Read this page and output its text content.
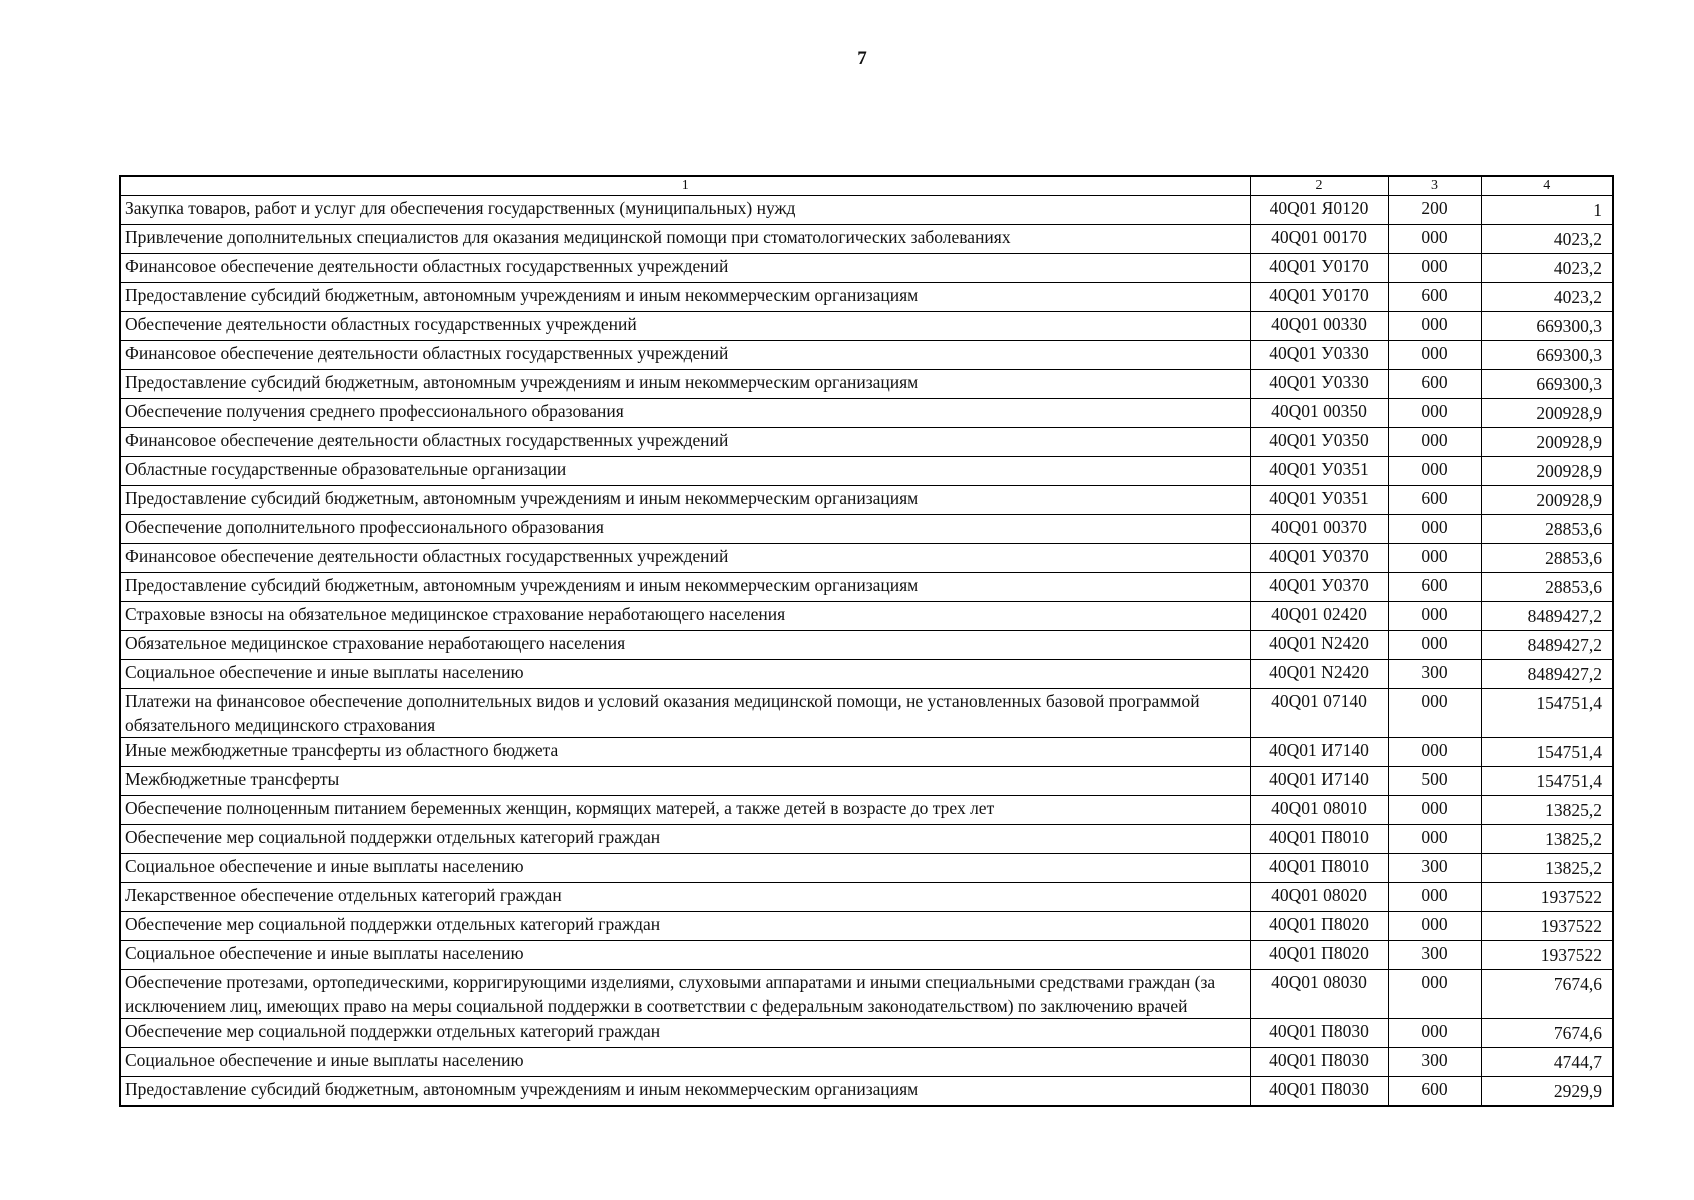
7
1	2	3	4
Закупка товаров, работ и услуг для обеспечения государственных (муниципальных) нужд	40Q01 Я0120	200	1
Привлечение дополнительных специалистов для оказания медицинской помощи при стоматологических заболеваниях	40Q01 00170	000	4023,2
Финансовое обеспечение деятельности областных государственных учреждений	40Q01 У0170	000	4023,2
Предоставление субсидий бюджетным, автономным учреждениям и иным некоммерческим организациям	40Q01 У0170	600	4023,2
Обеспечение деятельности областных государственных учреждений	40Q01 00330	000	669300,3
Финансовое обеспечение деятельности областных государственных учреждений	40Q01 У0330	000	669300,3
Предоставление субсидий бюджетным, автономным учреждениям и иным некоммерческим организациям	40Q01 У0330	600	669300,3
Обеспечение получения среднего профессионального образования	40Q01 00350	000	200928,9
Финансовое обеспечение деятельности областных государственных учреждений	40Q01 У0350	000	200928,9
Областные государственные образовательные организации	40Q01 У0351	000	200928,9
Предоставление субсидий бюджетным, автономным учреждениям и иным некоммерческим организациям	40Q01 У0351	600	200928,9
Обеспечение дополнительного профессионального образования	40Q01 00370	000	28853,6
Финансовое обеспечение деятельности областных государственных учреждений	40Q01 У0370	000	28853,6
Предоставление субсидий бюджетным, автономным учреждениям и иным некоммерческим организациям	40Q01 У0370	600	28853,6
Страховые взносы на обязательное медицинское страхование неработающего населения	40Q01 02420	000	8489427,2
Обязательное медицинское страхование неработающего населения	40Q01 N2420	000	8489427,2
Социальное обеспечение и иные выплаты населению	40Q01 N2420	300	8489427,2
Платежи на финансовое обеспечение дополнительных видов и условий оказания медицинской помощи, не установленных базовой программой обязательного медицинского страхования	40Q01 07140	000	154751,4
Иные межбюджетные трансферты из областного бюджета	40Q01 И7140	000	154751,4
Межбюджетные трансферты	40Q01 И7140	500	154751,4
Обеспечение полноценным питанием беременных женщин, кормящих матерей, а также детей в возрасте до трех лет	40Q01 08010	000	13825,2
Обеспечение мер социальной поддержки отдельных категорий граждан	40Q01 П8010	000	13825,2
Социальное обеспечение и иные выплаты населению	40Q01 П8010	300	13825,2
Лекарственное обеспечение отдельных категорий граждан	40Q01 08020	000	1937522
Обеспечение мер социальной поддержки отдельных категорий граждан	40Q01 П8020	000	1937522
Социальное обеспечение и иные выплаты населению	40Q01 П8020	300	1937522
Обеспечение протезами, ортопедическими, корригирующими изделиями, слуховыми аппаратами и иными специальными средствами граждан (за исключением лиц, имеющих право на меры социальной поддержки в соответствии с федеральным законодательством) по заключению врачей	40Q01 08030	000	7674,6
Обеспечение мер социальной поддержки отдельных категорий граждан	40Q01 П8030	000	7674,6
Социальное обеспечение и иные выплаты населению	40Q01 П8030	300	4744,7
Предоставление субсидий бюджетным, автономным учреждениям и иным некоммерческим организациям	40Q01 П8030	600	2929,9
